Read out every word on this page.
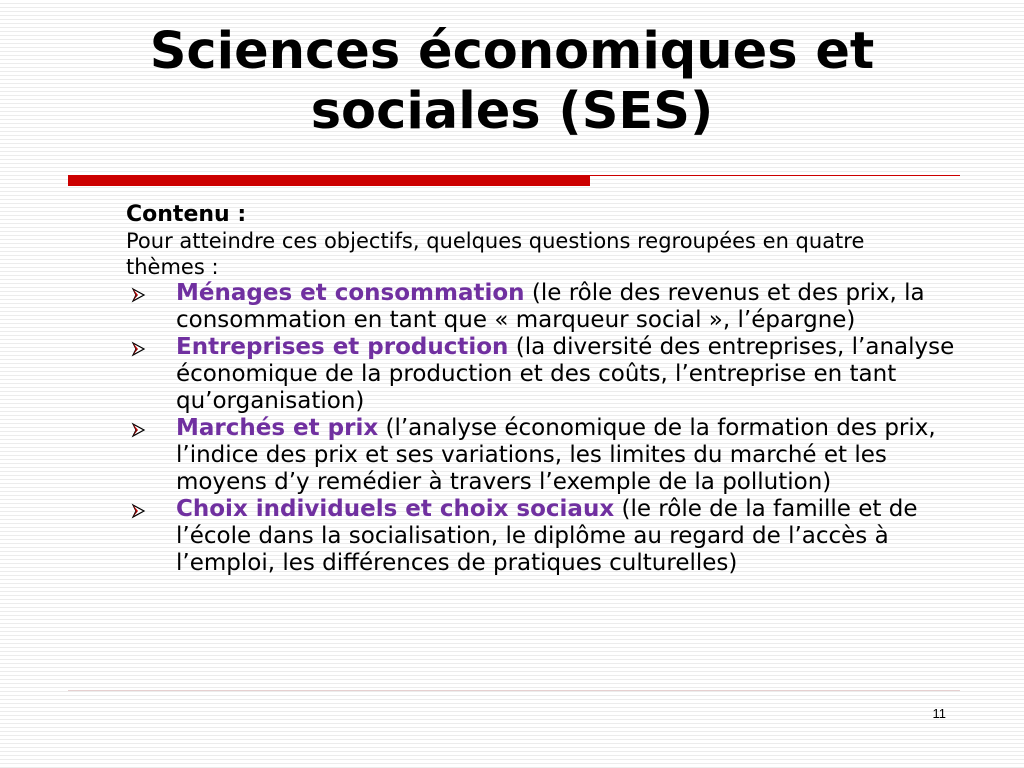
Sciences économiques et
sociales (SES)
Contenu :
Pour atteindre ces objectifs, quelques questions regroupées en quatre thèmes :
Ménages et consommation (le rôle des revenus et des prix, la consommation en tant que « marqueur social », l’épargne)
Entreprises et production (la diversité des entreprises, l’analyse économique de la production et des coûts, l’entreprise en tant qu’organisation)
Marchés et prix (l’analyse économique de la formation des prix, l’indice des prix et ses variations, les limites du marché et les moyens d’y remédier à travers l’exemple de la pollution)
Choix individuels et choix sociaux (le rôle de la famille et de l’école dans la socialisation, le diplôme au regard de l’accès à l’emploi, les différences de pratiques culturelles)
11
